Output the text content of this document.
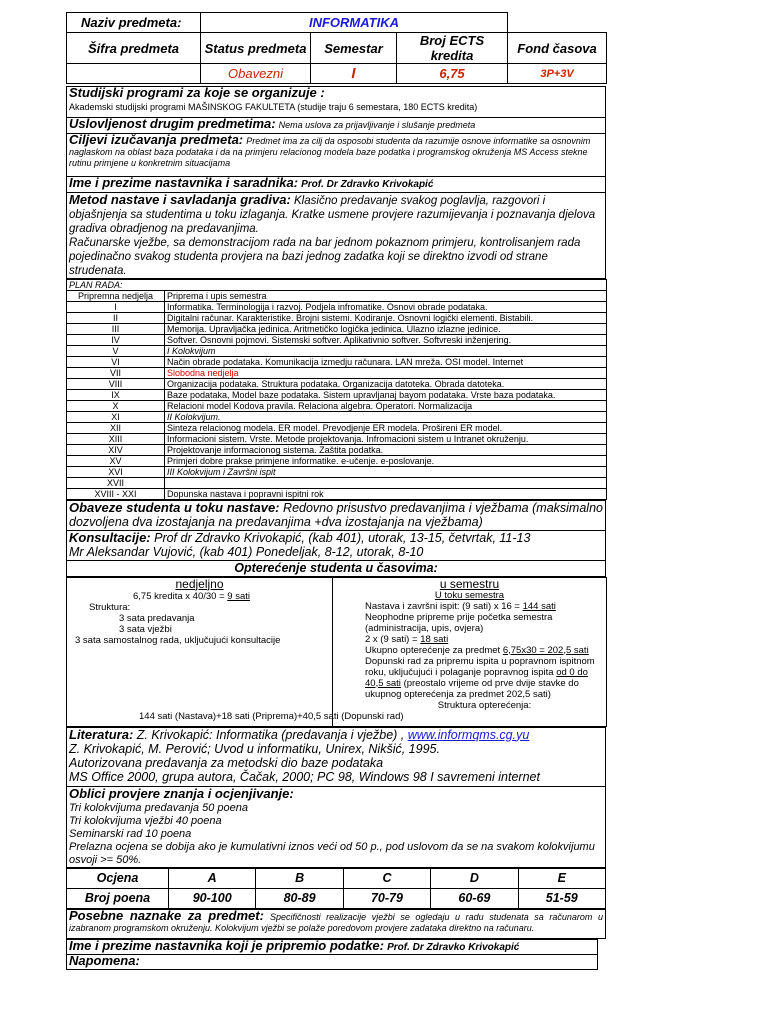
Naziv predmeta:	INFORMATIKA			
Šifra predmeta	Status predmeta	Semestar	Broj ECTS kredita	Fond časova
	Obavezni	I	6,75	3P+3V
Studijski programi za koje se organizuje :
Akademski studijski programi MAŠINSKOG FAKULTETA (studije traju 6 semestara, 180 ECTS kredita)
Uslovljenost drugim predmetima: Nema uslova za prijavljivanje i slušanje predmeta
Ciljevi izučavanja predmeta: Predmet ima za cilj da osposobi studenta da razumije osnove informatike sa osnovnim naglaskom na oblast baza podataka i da na primjeru relacionog modela baze podatka i programskog okruženja MS Access stekne rutinu primjene u konkretnim situacijama
Ime i prezime nastavnika i saradnika: Prof. Dr Zdravko Krivokapić
Metod nastave i savladanja gradiva: Klasično predavanje svakog poglavlja, razgovori i objašnjenja sa studentima u toku izlaganja. Kratke usmene provjere razumijevanja i poznavanja djelova gradiva obradjenog na predavanjima.
Računarske vježbe, sa demonstracijom rada na bar jednom pokaznom primjeru, kontrolisanjem rada pojedinačno svakog studenta provjera na bazi jednog zadatka koji se direktno izvodi od strane strudenata.
PLAN RADA:	
Pripremna nedjelja	Priprema i upis semestra
I	Informatika. Terminologija i razvoj. Podjela infromatike. Osnovi obrade podataka.
II	Digitalni računar. Karakteristike. Brojni sistemi. Kodiranje. Osnovni logički elementi. Bistabili.
III	Memorija. Upravljačka jedinica. Aritmetičko logička jedinica. Ulazno izlazne jedinice.
IV	Softver. Osnovni pojmovi. Sistemski softver. Aplikativnio softver. Softvreski inženjering.
V	I Kolokvijum
VI	Način obrade podataka. Komunikacija izmedju računara. LAN mreža. OSI model. Internet
VII	Slobodna nedjelja
VIII	Organizacija podataka. Struktura podataka. Organizacija datoteka. Obrada datoteka.
IX	Baze podataka, Model baze podataka. Sistem upravljanaj bayom podataka. Vrste baza podataka.
X	Relacioni model Kodova pravila. Relaciona algebra. Operatori. Normalizacija
XI	II Kolokvijum.
XII	Sinteza relacionog modela. ER model. Prevodjenje ER modela. Prošireni ER model.
XIII	Informacioni sistem. Vrste. Metode projektovanja. Infromacioni sistem u Intranet okruženju.
XIV	Projektovanje informacionog sistema. Zaštita podatka.
XV	Primjeri dobre prakse primjene informatike. e-učenje. e-poslovanje.
XVI	III Kolokvijum i Završni ispit
XVII	
XVIII - XXI	Dopunska nastava i popravni ispitni rok
Obaveze studenta u toku nastave: Redovno prisustvo predavanjima i vježbama (maksimalno dozvoljena dva izostajanja na predavanjima +dva izostajanja na vježbama)
Konsultacije: Prof dr Zdravko Krivokapić, (kab 401), utorak, 13-15, četvrtak, 11-13
Mr Aleksandar Vujović, (kab 401) Ponedeljak, 8-12, utorak, 8-10
Opterećenje studenta u časovima:
nedjeljno
6,75 kredita x 40/30 = 9 sati
Struktura:
3 sata predavanja
3 sata vježbi
3 sata samostalnog rada, uključujući konsultacije

u semestru
U toku semestra
Nastava i završni ispit: (9 sati) x 16 = 144 sati
Neophodne pripreme prije početka semestra (administracija, upis, ovjera)
2 x (9 sati) = 18 sati
Ukupno opterećenje za predmet 6,75x30 = 202,5 sati
Dopunski rad za pripremu ispita u popravnom ispitnom roku, uključujući i polaganje popravnog ispita od 0 do 40,5 sati (preostalo vrijeme od prve dvije stavke do ukupnog opterećenja za predmet 202,5 sati)
Struktura opterećenja:
144 sati (Nastava)+18 sati (Priprema)+40,5 sati (Dopunski rad)
Literatura: Z. Krivokapić: Informatika (predavanja i vježbe) , www.informqms.cg.yu
Z. Krivokapić, M. Perović; Uvod u informatiku, Unirex, Nikšić, 1995.
Autorizovana predavanja za metodski dio baze podataka
MS Office 2000, grupa autora, Čačak, 2000; PC 98, Windows 98 I savremeni internet
Oblici provjere znanja i ocjenjivanje:
Tri kolokvijuma predavanja 50 poena
Tri kolokvijuma vježbi 40 poena
Seminarski rad 10 poena
Prelazna ocjena se dobija ako je kumulativni iznos veći od 50 p., pod uslovom da se na svakom kolokvijumu osvoji >= 50%.
Ocjena	A	B	C	D	E
Broj poena	90-100	80-89	70-79	60-69	51-59
Posebne naznake za predmet: Specifičnosti realizacije vježbi se ogledaju u radu studenata sa računarom u izabranom programskom okruženju. Kolokvijum vježbi se polaže poredovom provjere zadataka direktno na računaru.
Ime i prezime nastavnika koji je pripremio podatke: Prof. Dr Zdravko Krivokapić
Napomena:
